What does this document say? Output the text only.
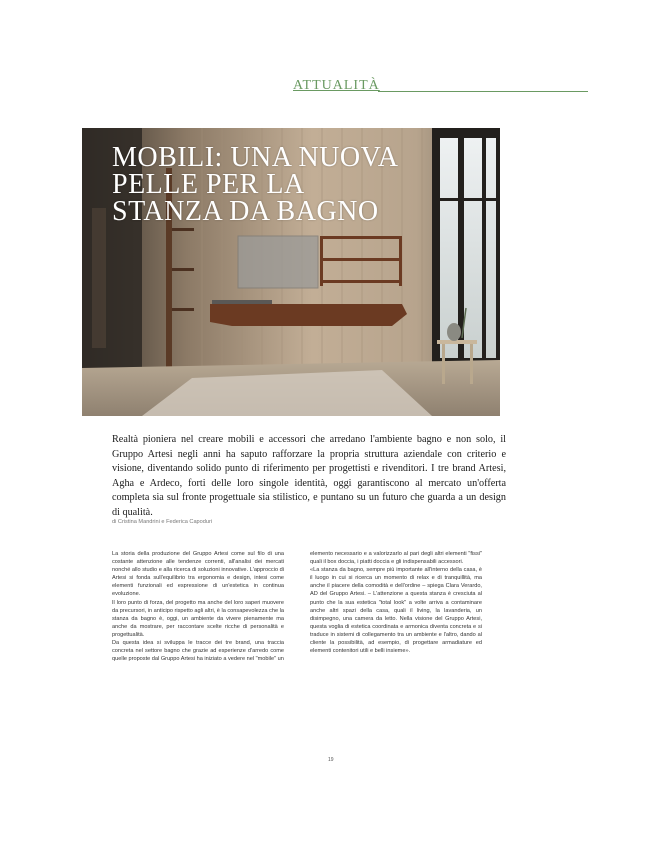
ATTUALITÀ
MOBILI: UNA NUOVA PELLE PER LA STANZA DA BAGNO

Realtà pioniera nel creare mobili e accessori che arredano l'ambiente bagno e non solo, il Gruppo Artesi negli anni ha saputo rafforzare la propria struttura aziendale con criterio e visione, diventando solido punto di riferimento per progettisti e rivenditori. I tre brand Artesi, Agha e Ardeco, forti delle loro singole identità, oggi garantiscono al mercato un'offerta completa sia sul fronte progettuale sia stilistico, e puntano su un futuro che guarda a un design di qualità.

di Cristina Mandrini e Federica Capoduri

La storia della produzione del Gruppo Artesi come sul filo di una costante attenzione alle tendenze correnti, all'analisi dei mercati nonché allo studio e alla ricerca di soluzioni innovative. L'approccio di Artesi si fonda sull'equilibrio tra ergonomia e design, intesi come elementi funzionali ed espressione di un'estetica in continua evoluzione.

Il loro punto di forza, del progetto ma anche del loro saperi muovere da precursori, in anticipo rispetto agli altri, è la consapevolezza che la stanza da bagno è, oggi, un ambiente da vivere pienamente ma anche da mostrare, per raccontare scelte ricche di personalità e progettualità.

Da questa idea si sviluppa le tracce dei tre brand, una traccia concreta nel settore bagno che grazie ad esperienze d'arredo come quelle proposte dal Gruppo Artesi ha iniziato a vedere nel "mobile" un

elemento necessario e a valorizzarlo al pari degli altri elementi "fissi" quali il box doccia, i piatti doccia e gli indispensabili accessori.

«La stanza da bagno, sempre più importante all'interno della casa, è il luogo in cui si ricerca un momento di relax e di tranquillità, ma anche il piacere della comodità e dell'ordine – spiega Clara Verardo, AD del Gruppo Artesi. – L'attenzione a questa stanza è cresciuta al punto che la sua estetica "total look" a volte arriva a contaminare anche altri spazi della casa, quali il living, la lavanderia, un disimpegno, una camera da letto. Nella visione del Gruppo Artesi, questa voglia di estetica coordinata e armonica diventa concreta e si traduce in sistemi di collegamento tra un ambiente e l'altro, dando al cliente la possibilità, ad esempio, di progettare armadiature ed elementi contenitori utili e belli insieme».

19
